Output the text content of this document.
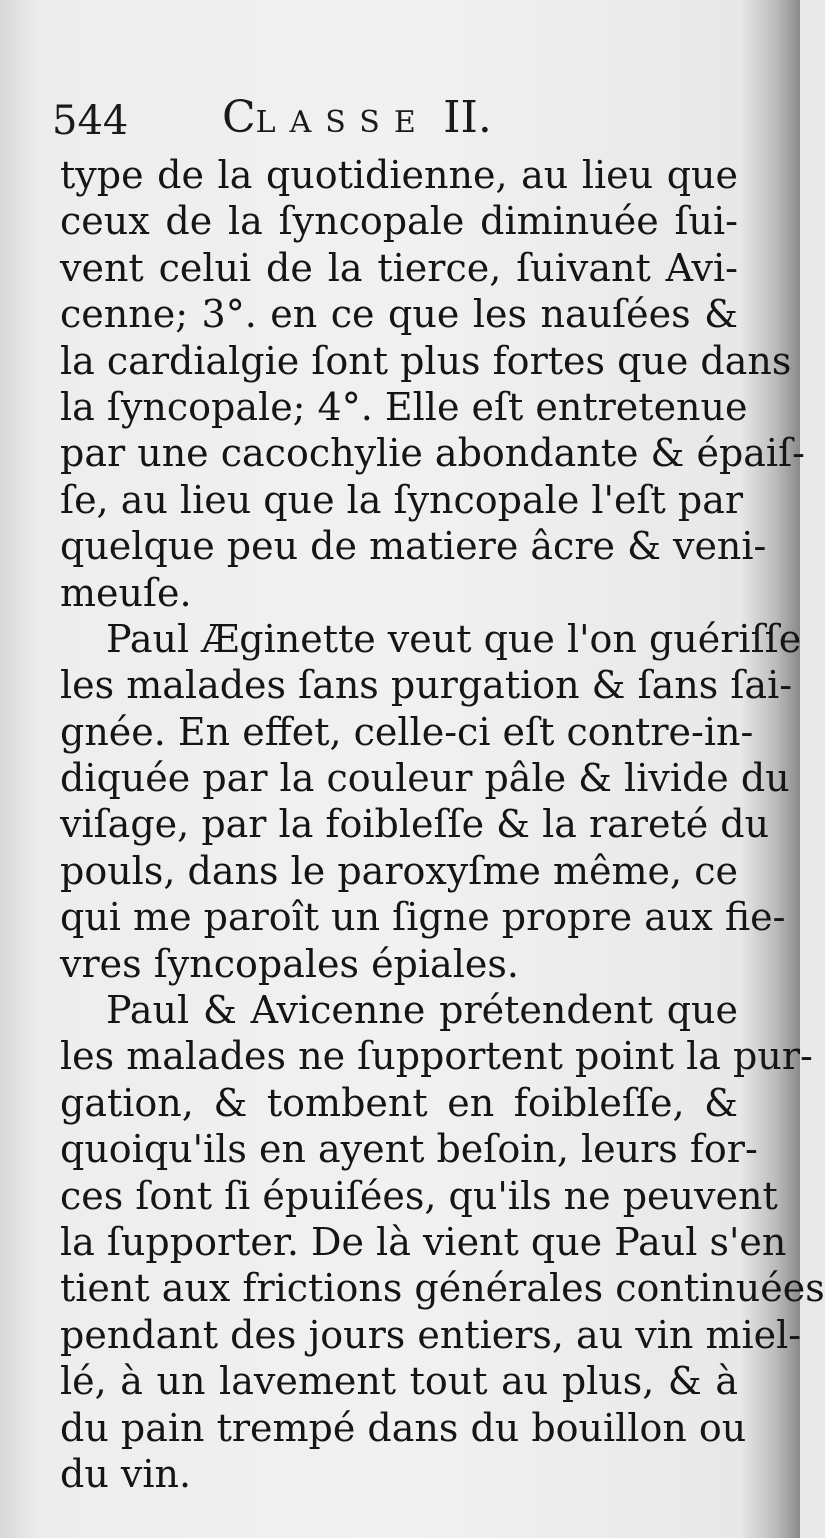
544 CLASSE II.
type de la quotidienne, au lieu que
ceux de la ſyncopale diminuée ſui-
vent celui de la tierce, ſuivant Avi-
cenne; 3°. en ce que les nauſées &
la cardialgie ſont plus fortes que dans
la ſyncopale; 4°. Elle eſt entretenue
par une cacochylie abondante & épaiſ-
ſe, au lieu que la ſyncopale l'eſt par
quelque peu de matiere âcre & veni-
meuſe.
Paul Æginette veut que l'on guériſſe
les malades ſans purgation & ſans ſai-
gnée. En effet, celle-ci eſt contre-in-
diquée par la couleur pâle & livide du
viſage, par la foibleſſe & la rareté du
pouls, dans le paroxyſme même, ce
qui me paroît un ſigne propre aux fie-
vres ſyncopales épiales.
Paul & Avicenne prétendent que
les malades ne ſupportent point la pur-
gation, & tombent en foibleſſe, &
quoiqu'ils en ayent beſoin, leurs for-
ces ſont ſi épuiſées, qu'ils ne peuvent
la ſupporter. De là vient que Paul s'en
tient aux frictions générales continuées
pendant des jours entiers, au vin miel-
lé, à un lavement tout au plus, & à
du pain trempé dans du bouillon ou
du vin.
